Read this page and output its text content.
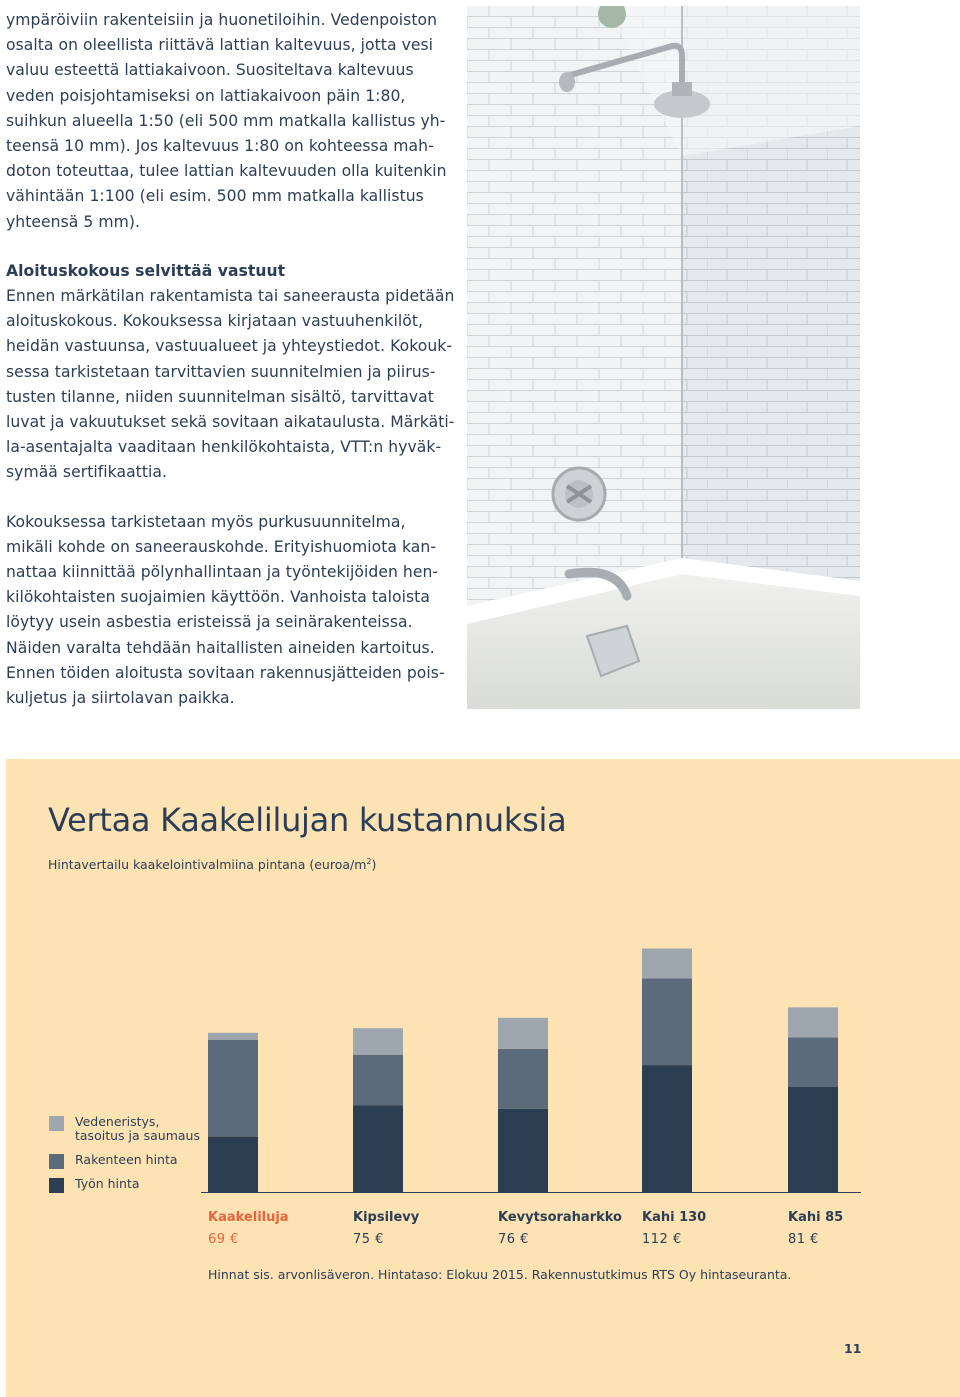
ympäröiviin rakenteisiin ja huonetiloihin. Vedenpoiston
osalta on oleellista riittävä lattian kaltevuus, jotta vesi
valuu esteettä lattiakaivoon. Suositeltava kaltevuus
veden poisjohtamiseksi on lattiakaivoon päin 1:80,
suihkun alueella 1:50 (eli 500 mm matkalla kallistus yh-
teensä 10 mm). Jos kaltevuus 1:80 on kohteessa mah-
doton toteuttaa, tulee lattian kaltevuuden olla kuitenkin
vähintään 1:100 (eli esim. 500 mm matkalla kallistus
yhteensä 5 mm).

Aloituskokous selvittää vastuut
Ennen märkätilan rakentamista tai saneerausta pidetään
aloituskokous. Kokouksessa kirjataan vastuuhenkilöt,
heidän vastuunsa, vastuualueet ja yhteystiedot. Kokouk-
sessa tarkistetaan tarvittavien suunnitelmien ja piirus-
tusten tilanne, niiden suunnitelman sisältö, tarvittavat
luvat ja vakuutukset sekä sovitaan aikataulusta. Märkäti-
la-asentajalta vaaditaan henkilökohtaista, VTT:n hyväk-
symää sertifikaattia.

Kokouksessa tarkistetaan myös purkusuunnitelma,
mikäli kohde on saneerauskohde. Erityishuomiota kan-
nattaa kiinnittää pölynhallintaan ja työntekijöiden hen-
kilökohtaisten suojaimien käyttöön. Vanhoista taloista
löytyy usein asbestia eristeissä ja seinärakenteissa.
Näiden varalta tehdään haitallisten aineiden kartoitus.
Ennen töiden aloitusta sovitaan rakennusjätteiden pois-
kuljetus ja siirtolavan paikka.

Vertaa Kaakelilujan kustannuksia
Hintavertailu kaakelointivalmiina pintana $(euroa/m^2)$
Vedeneristys,
tasoitus ja saumaus
Rakenteen hinta
Työn hinta
Kaakeliluja
69 €
Kipsilevy
75 €
Kevytsoraharkko
76 €
Kahi 130
112 €
Kahi 85
81 €
Hinnat sis. arvonlisäveron. Hintataso: Elokuu 2015. Rakennustutkimus RTS Oy hintaseuranta.
11
